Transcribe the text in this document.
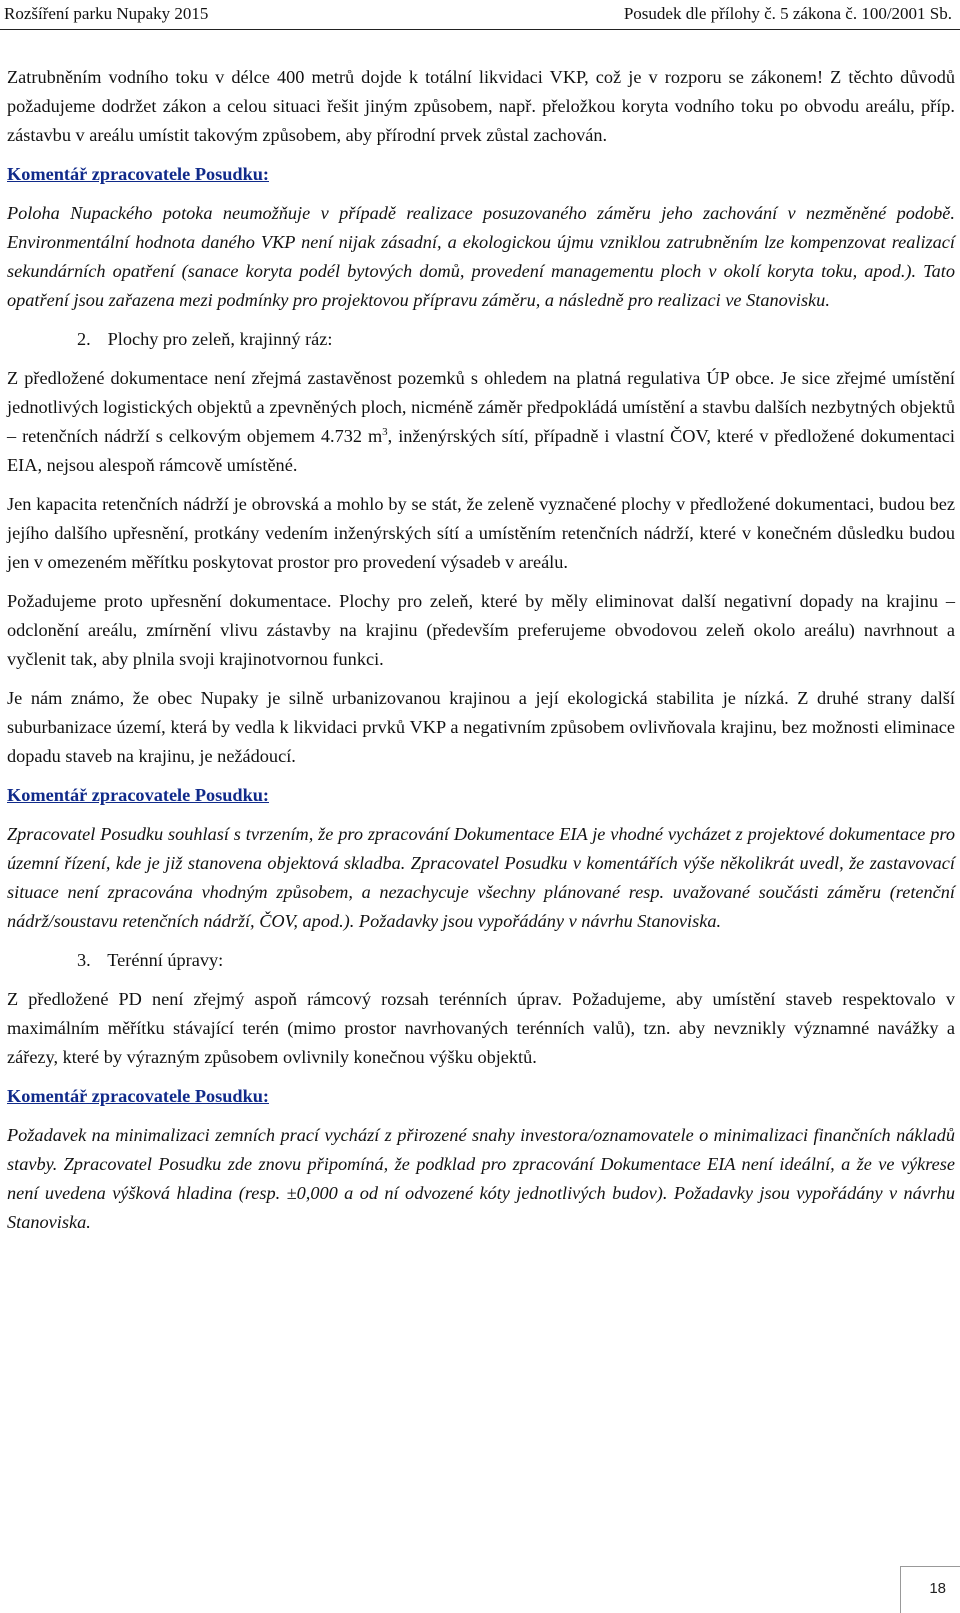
Rozšíření parku Nupaky 2015	Posudek dle přílohy č. 5 zákona č. 100/2001 Sb.

Zatrubněním vodního toku v délce 400 metrů dojde k totální likvidaci VKP, což je v rozporu se zákonem! Z těchto důvodů požadujeme dodržet zákon a celou situaci řešit jiným způsobem, např. přeložkou koryta vodního toku po obvodu areálu, příp. zástavbu v areálu umístit takovým způsobem, aby přírodní prvek zůstal zachován.

Komentář zpracovatele Posudku:

Poloha Nupackého potoka neumožňuje v případě realizace posuzovaného záměru jeho zachování v nezměněné podobě. Environmentální hodnota daného VKP není nijak zásadní, a ekologickou újmu vzniklou zatrubněním lze kompenzovat realizací sekundárních opatření (sanace koryta podél bytových domů, provedení managementu ploch v okolí koryta toku, apod.). Tato opatření jsou zařazena mezi podmínky pro projektovou přípravu záměru, a následně pro realizaci ve Stanovisku.

2. Plochy pro zeleň, krajinný ráz:

Z předložené dokumentace není zřejmá zastavěnost pozemků s ohledem na platná regulativa ÚP obce. Je sice zřejmé umístění jednotlivých logistických objektů a zpevněných ploch, nicméně záměr předpokládá umístění a stavbu dalších nezbytných objektů – retenčních nádrží s celkovým objemem 4.732 $m^3$, inženýrských sítí, případně i vlastní ČOV, které v předložené dokumentaci EIA, nejsou alespoň rámcově umístěné.

Jen kapacita retenčních nádrží je obrovská a mohlo by se stát, že zeleně vyznačené plochy v předložené dokumentaci, budou bez jejího dalšího upřesnění, protkány vedením inženýrských sítí a umístěním retenčních nádrží, které v konečném důsledku budou jen v omezeném měřítku poskytovat prostor pro provedení výsadeb v areálu.

Požadujeme proto upřesnění dokumentace. Plochy pro zeleň, které by měly eliminovat další negativní dopady na krajinu – odclonění areálu, zmírnění vlivu zástavby na krajinu (především preferujeme obvodovou zeleň okolo areálu) navrhnout a vyčlenit tak, aby plnila svoji krajinotvornou funkci.

Je nám známo, že obec Nupaky je silně urbanizovanou krajinou a její ekologická stabilita je nízká. Z druhé strany další suburbanizace území, která by vedla k likvidaci prvků VKP a negativním způsobem ovlivňovala krajinu, bez možnosti eliminace dopadu staveb na krajinu, je nežádoucí.

Komentář zpracovatele Posudku:

Zpracovatel Posudku souhlasí s tvrzením, že pro zpracování Dokumentace EIA je vhodné vycházet z projektové dokumentace pro územní řízení, kde je již stanovena objektová skladba. Zpracovatel Posudku v komentářích výše několikrát uvedl, že zastavovací situace není zpracována vhodným způsobem, a nezachycuje všechny plánované resp. uvažované součásti záměru (retenční nádrž/soustavu retenčních nádrží, ČOV, apod.). Požadavky jsou vypořádány v návrhu Stanoviska.

3. Terénní úpravy:

Z předložené PD není zřejmý aspoň rámcový rozsah terénních úprav. Požadujeme, aby umístění staveb respektovalo v maximálním měřítku stávající terén (mimo prostor navrhovaných terénních valů), tzn. aby nevznikly významné navážky a zářezy, které by výrazným způsobem ovlivnily konečnou výšku objektů.

Komentář zpracovatele Posudku:

Požadavek na minimalizaci zemních prací vychází z přirozené snahy investora/oznamovatele o minimalizaci finančních nákladů stavby. Zpracovatel Posudku zde znovu připomíná, že podklad pro zpracování Dokumentace EIA není ideální, a že ve výkrese není uvedena výšková hladina (resp. ±0,000 a od ní odvozené kóty jednotlivých budov). Požadavky jsou vypořádány v návrhu Stanoviska.

18
